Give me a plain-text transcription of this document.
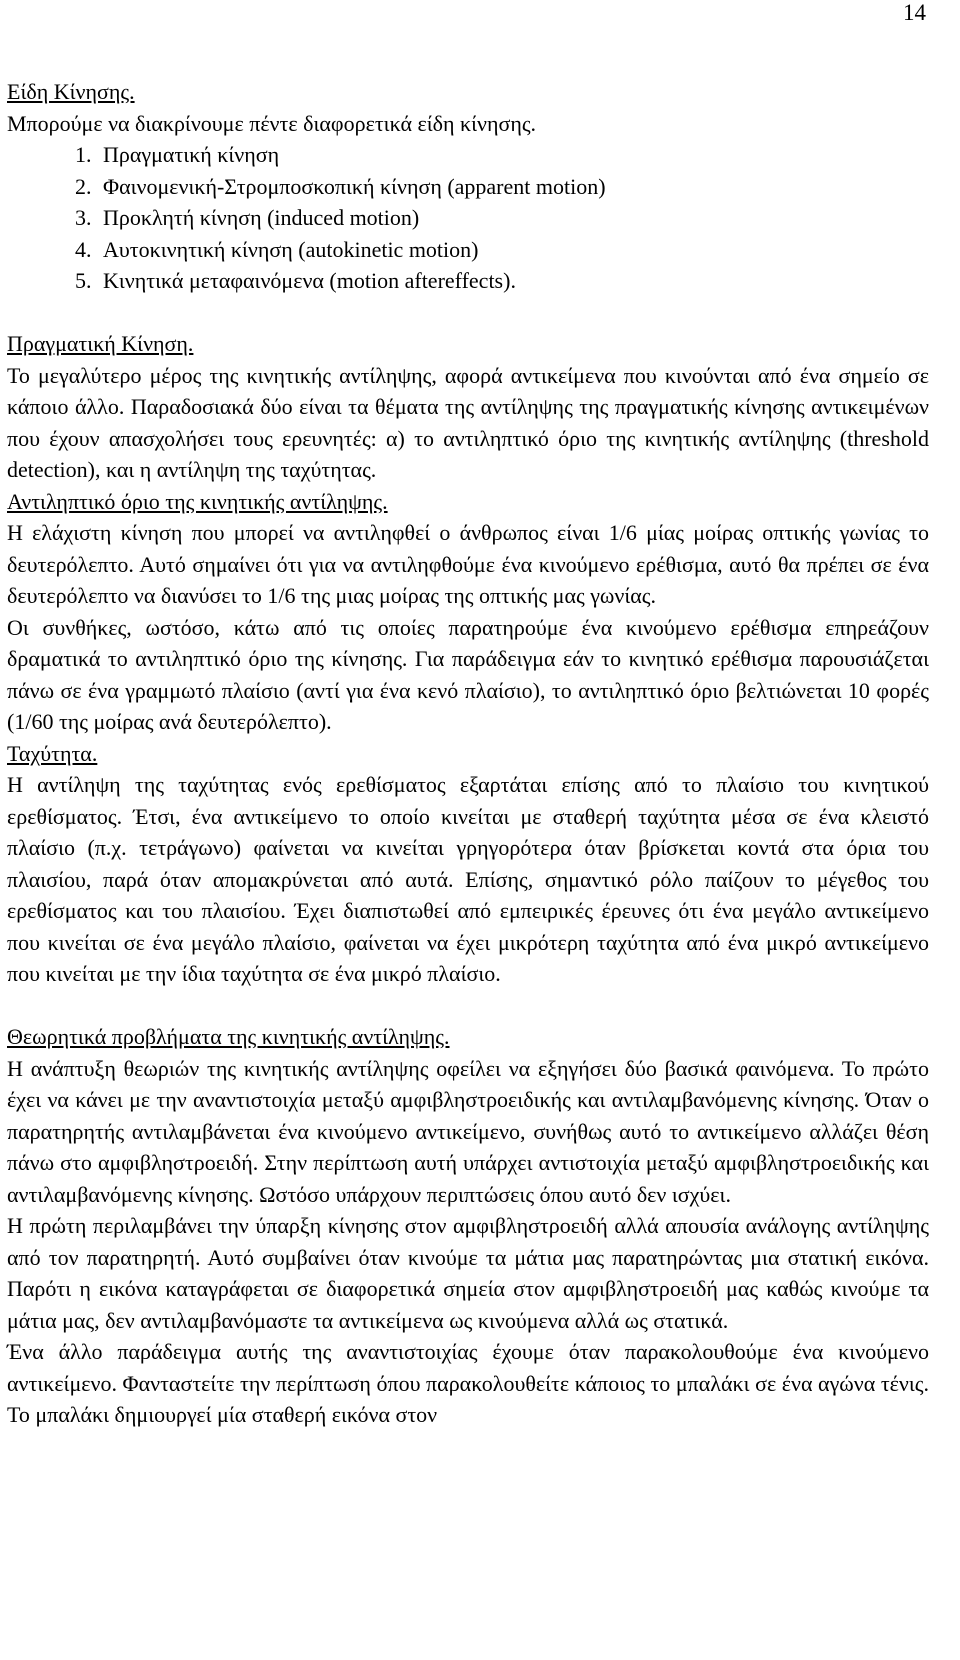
14

Είδη Κίνησης.

Μπορούμε να διακρίνουμε πέντε διαφορετικά είδη κίνησης.

1. Πραγματική κίνηση
2. Φαινομενική-Στρομποσκοπική κίνηση (apparent motion)
3. Προκλητή κίνηση (induced motion)
4. Αυτοκινητική κίνηση (autokinetic motion)
5. Κινητικά μεταφαινόμενα (motion aftereffects).

Πραγματική Κίνηση.

Το μεγαλύτερο μέρος της κινητικής αντίληψης, αφορά αντικείμενα που κινούνται από ένα σημείο σε κάποιο άλλο. Παραδοσιακά δύο είναι τα θέματα της αντίληψης της πραγματικής κίνησης αντικειμένων που έχουν απασχολήσει τους ερευνητές: α) το αντιληπτικό όριο της κινητικής αντίληψης (threshold detection), και η αντίληψη της ταχύτητας.

Αντιληπτικό όριο της κινητικής αντίληψης.

Η ελάχιστη κίνηση που μπορεί να αντιληφθεί ο άνθρωπος είναι 1/6 μίας μοίρας οπτικής γωνίας το δευτερόλεπτο. Αυτό σημαίνει ότι για να αντιληφθούμε ένα κινούμενο ερέθισμα, αυτό θα πρέπει σε ένα δευτερόλεπτο να διανύσει το 1/6 της μιας μοίρας της οπτικής μας γωνίας.

Οι συνθήκες, ωστόσο, κάτω από τις οποίες παρατηρούμε ένα κινούμενο ερέθισμα επηρεάζουν δραματικά το αντιληπτικό όριο της κίνησης. Για παράδειγμα εάν το κινητικό ερέθισμα παρουσιάζεται πάνω σε ένα γραμμωτό πλαίσιο (αντί για ένα κενό πλαίσιο), το αντιληπτικό όριο βελτιώνεται 10 φορές (1/60 της μοίρας ανά δευτερόλεπτο).

Ταχύτητα.

Η αντίληψη της ταχύτητας ενός ερεθίσματος εξαρτάται επίσης από το πλαίσιο του κινητικού ερεθίσματος. Έτσι, ένα αντικείμενο το οποίο κινείται με σταθερή ταχύτητα μέσα σε ένα κλειστό πλαίσιο (π.χ. τετράγωνο) φαίνεται να κινείται γρηγορότερα όταν βρίσκεται κοντά στα όρια του πλαισίου, παρά όταν απομακρύνεται από αυτά. Επίσης, σημαντικό ρόλο παίζουν το μέγεθος του ερεθίσματος και του πλαισίου. Έχει διαπιστωθεί από εμπειρικές έρευνες ότι ένα μεγάλο αντικείμενο που κινείται σε ένα μεγάλο πλαίσιο, φαίνεται να έχει μικρότερη ταχύτητα από ένα μικρό αντικείμενο που κινείται με την ίδια ταχύτητα σε ένα μικρό πλαίσιο.

Θεωρητικά προβλήματα της κινητικής αντίληψης.

Η ανάπτυξη θεωριών της κινητικής αντίληψης οφείλει να εξηγήσει δύο βασικά φαινόμενα. Το πρώτο έχει να κάνει με την αναντιστοιχία μεταξύ αμφιβληστροειδικής και αντιλαμβανόμενης κίνησης. Όταν ο παρατηρητής αντιλαμβάνεται ένα κινούμενο αντικείμενο, συνήθως αυτό το αντικείμενο αλλάζει θέση πάνω στο αμφιβληστροειδή. Στην περίπτωση αυτή υπάρχει αντιστοιχία μεταξύ αμφιβληστροειδικής και αντιλαμβανόμενης κίνησης. Ωστόσο υπάρχουν περιπτώσεις όπου αυτό δεν ισχύει.

Η πρώτη περιλαμβάνει την ύπαρξη κίνησης στον αμφιβληστροειδή αλλά απουσία ανάλογης αντίληψης από τον παρατηρητή. Αυτό συμβαίνει όταν κινούμε τα μάτια μας παρατηρώντας μια στατική εικόνα. Παρότι η εικόνα καταγράφεται σε διαφορετικά σημεία στον αμφιβληστροειδή μας καθώς κινούμε τα μάτια μας, δεν αντιλαμβανόμαστε τα αντικείμενα ως κινούμενα αλλά ως στατικά.

Ένα άλλο παράδειγμα αυτής της αναντιστοιχίας έχουμε όταν παρακολουθούμε ένα κινούμενο αντικείμενο. Φανταστείτε την περίπτωση όπου παρακολουθείτε κάποιος το μπαλάκι σε ένα αγώνα τένις. Το μπαλάκι δημιουργεί μία σταθερή εικόνα στον
